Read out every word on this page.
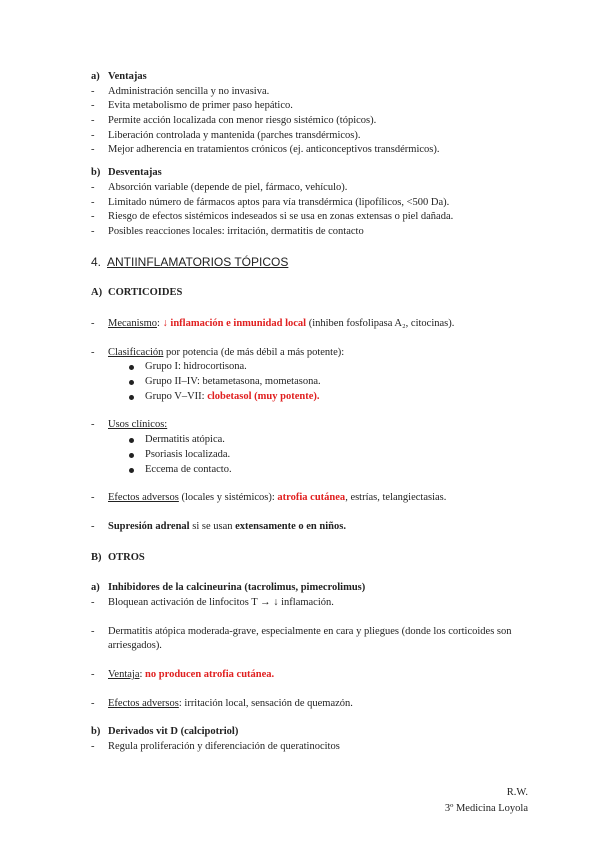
a) Ventajas
- Administración sencilla y no invasiva.
- Evita metabolismo de primer paso hepático.
- Permite acción localizada con menor riesgo sistémico (tópicos).
- Liberación controlada y mantenida (parches transdérmicos).
- Mejor adherencia en tratamientos crónicos (ej. anticonceptivos transdérmicos).
b) Desventajas
- Absorción variable (depende de piel, fármaco, vehículo).
- Limitado número de fármacos aptos para vía transdérmica (lipofílicos, <500 Da).
- Riesgo de efectos sistémicos indeseados si se usa en zonas extensas o piel dañada.
- Posibles reacciones locales: irritación, dermatitis de contacto
4. ANTIINFLAMATORIOS TÓPICOS
A) CORTICOIDES
- Mecanismo: ↓ inflamación e inmunidad local (inhiben fosfolipasa A₂, citocinas).
- Clasificación por potencia (de más débil a más potente):
Grupo I: hidrocortisona.
Grupo II–IV: betametasona, mometasona.
Grupo V–VII: clobetasol (muy potente).
- Usos clínicos:
Dermatitis atópica.
Psoriasis localizada.
Eccema de contacto.
- Efectos adversos (locales y sistémicos): atrofia cutánea, estrías, telangiectasias.
- Supresión adrenal si se usan extensamente o en niños.
B) OTROS
a) Inhibidores de la calcineurina (tacrolimus, pimecrolimus)
- Bloquean activación de linfocitos T → ↓ inflamación.
- Dermatitis atópica moderada-grave, especialmente en cara y pliegues (donde los corticoides son arriesgados).
- Ventaja: no producen atrofia cutánea.
- Efectos adversos: irritación local, sensación de quemazón.
b) Derivados vit D (calcipotriol)
- Regula proliferación y diferenciación de queratinocitos
R.W.
3º Medicina Loyola
